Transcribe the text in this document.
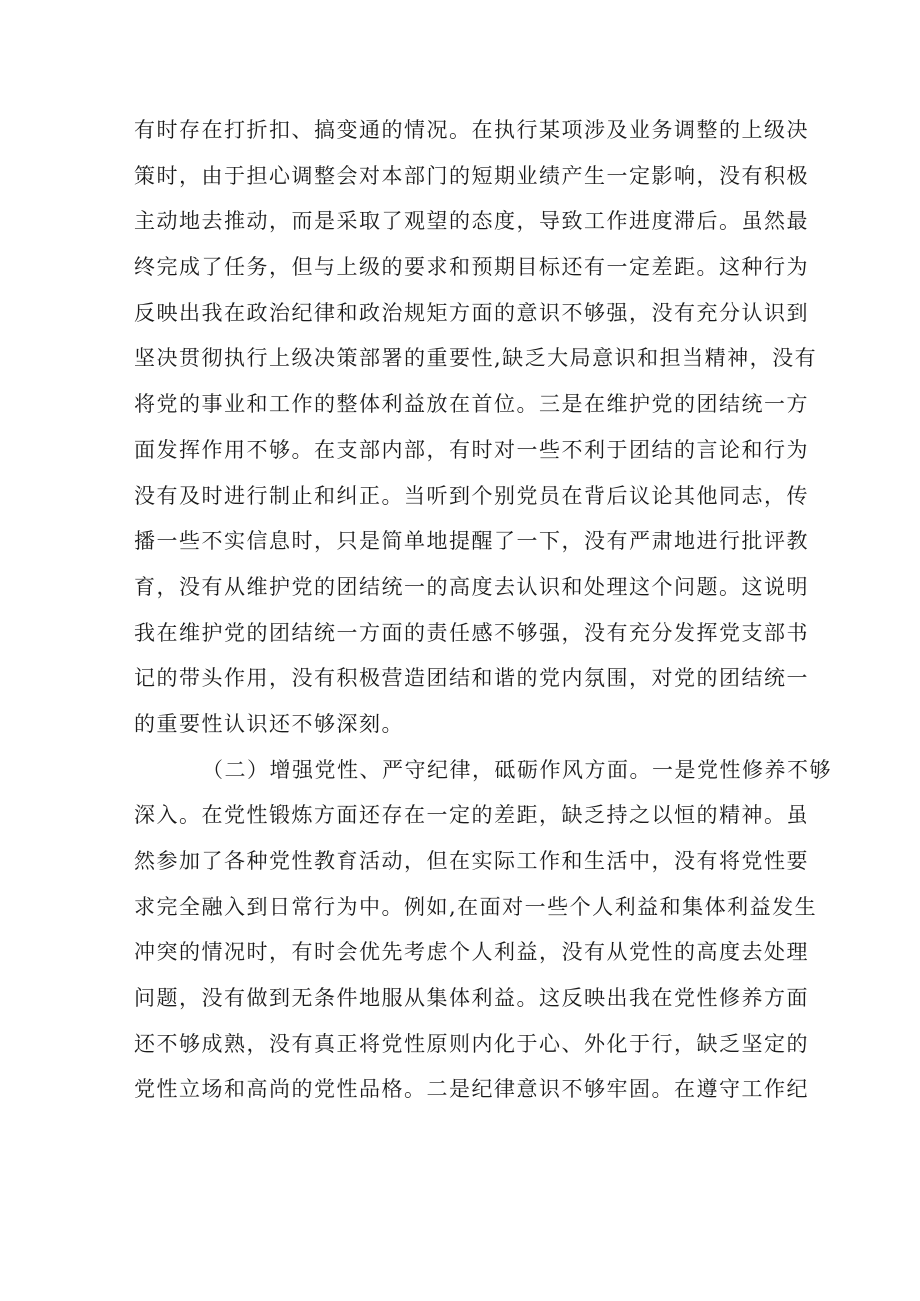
有时存在打折扣、搞变通的情况。在执行某项涉及业务调整的上级决
策时，由于担心调整会对本部门的短期业绩产生一定影响，没有积极
主动地去推动，而是采取了观望的态度，导致工作进度滞后。虽然最
终完成了任务，但与上级的要求和预期目标还有一定差距。这种行为
反映出我在政治纪律和政治规矩方面的意识不够强，没有充分认识到
坚决贯彻执行上级决策部署的重要性,缺乏大局意识和担当精神，没有
将党的事业和工作的整体利益放在首位。三是在维护党的团结统一方
面发挥作用不够。在支部内部，有时对一些不利于团结的言论和行为
没有及时进行制止和纠正。当听到个别党员在背后议论其他同志，传
播一些不实信息时，只是简单地提醒了一下，没有严肃地进行批评教
育，没有从维护党的团结统一的高度去认识和处理这个问题。这说明
我在维护党的团结统一方面的责任感不够强，没有充分发挥党支部书
记的带头作用，没有积极营造团结和谐的党内氛围，对党的团结统一
的重要性认识还不够深刻。
（二）增强党性、严守纪律，砥砺作风方面。一是党性修养不够
深入。在党性锻炼方面还存在一定的差距，缺乏持之以恒的精神。虽
然参加了各种党性教育活动，但在实际工作和生活中，没有将党性要
求完全融入到日常行为中。例如,在面对一些个人利益和集体利益发生
冲突的情况时，有时会优先考虑个人利益，没有从党性的高度去处理
问题，没有做到无条件地服从集体利益。这反映出我在党性修养方面
还不够成熟，没有真正将党性原则内化于心、外化于行，缺乏坚定的
党性立场和高尚的党性品格。二是纪律意识不够牢固。在遵守工作纪
